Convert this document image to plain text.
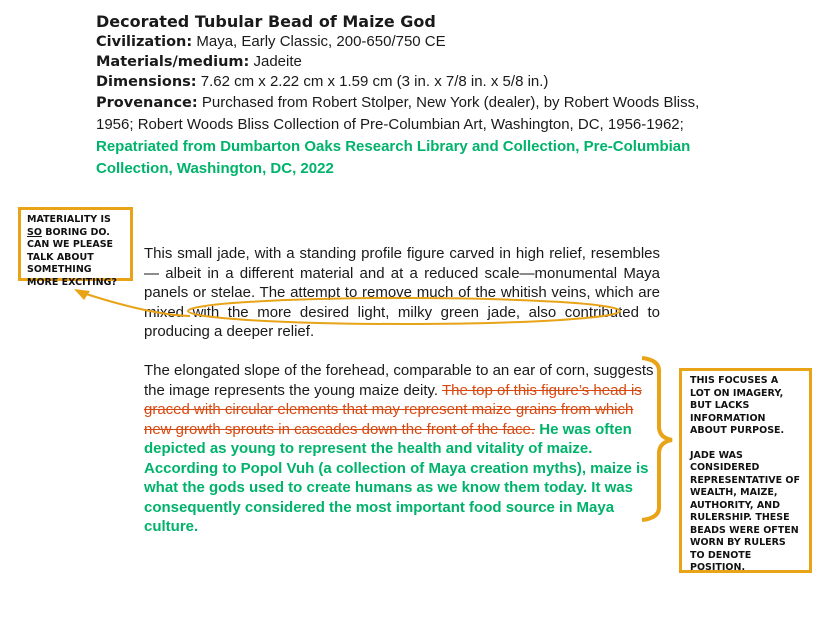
Decorated Tubular Bead of Maize God

Civilization: Maya, Early Classic, 200-650/750 CE

Materials/medium: Jadeite

Dimensions: 7.62 cm x 2.22 cm x 1.59 cm (3 in. x 7/8 in. x 5/8 in.)

Provenance: Purchased from Robert Stolper, New York (dealer), by Robert Woods Bliss, 1956; Robert Woods Bliss Collection of Pre-Columbian Art, Washington, DC, 1956-1962;

Repatriated from Dumbarton Oaks Research Library and Collection, Pre-Columbian Collection, Washington, DC, 2022

This small jade, with a standing profile figure carved in high relief, resembles— albeit in a different material and at a reduced scale—monumental Maya panels or stelae. The attempt to remove much of the whitish veins, which are mixed with the more desired light, milky green jade, also contributed to producing a deeper relief.

The elongated slope of the forehead, comparable to an ear of corn, suggests the image represents the young maize deity. The top of this figure’s head is graced with circular elements that may represent maize grains from which new growth sprouts in cascades down the front of the face. He was often depicted as young to represent the health and vitality of maize. According to Popol Vuh (a collection of Maya creation myths), maize is what the gods used to create humans as we know them today. It was consequently considered the most important food source in Maya culture.

MATERIALITY IS SO BORING DO. CAN WE PLEASE TALK ABOUT SOMETHING MORE EXCITING?

THIS FOCUSES A LOT ON IMAGERY, BUT LACKS INFORMATION ABOUT PURPOSE.

JADE WAS CONSIDERED REPRESENTATIVE OF WEALTH, MAIZE, AUTHORITY, AND RULERSHIP. THESE BEADS WERE OFTEN WORN BY RULERS TO DENOTE POSITION.
